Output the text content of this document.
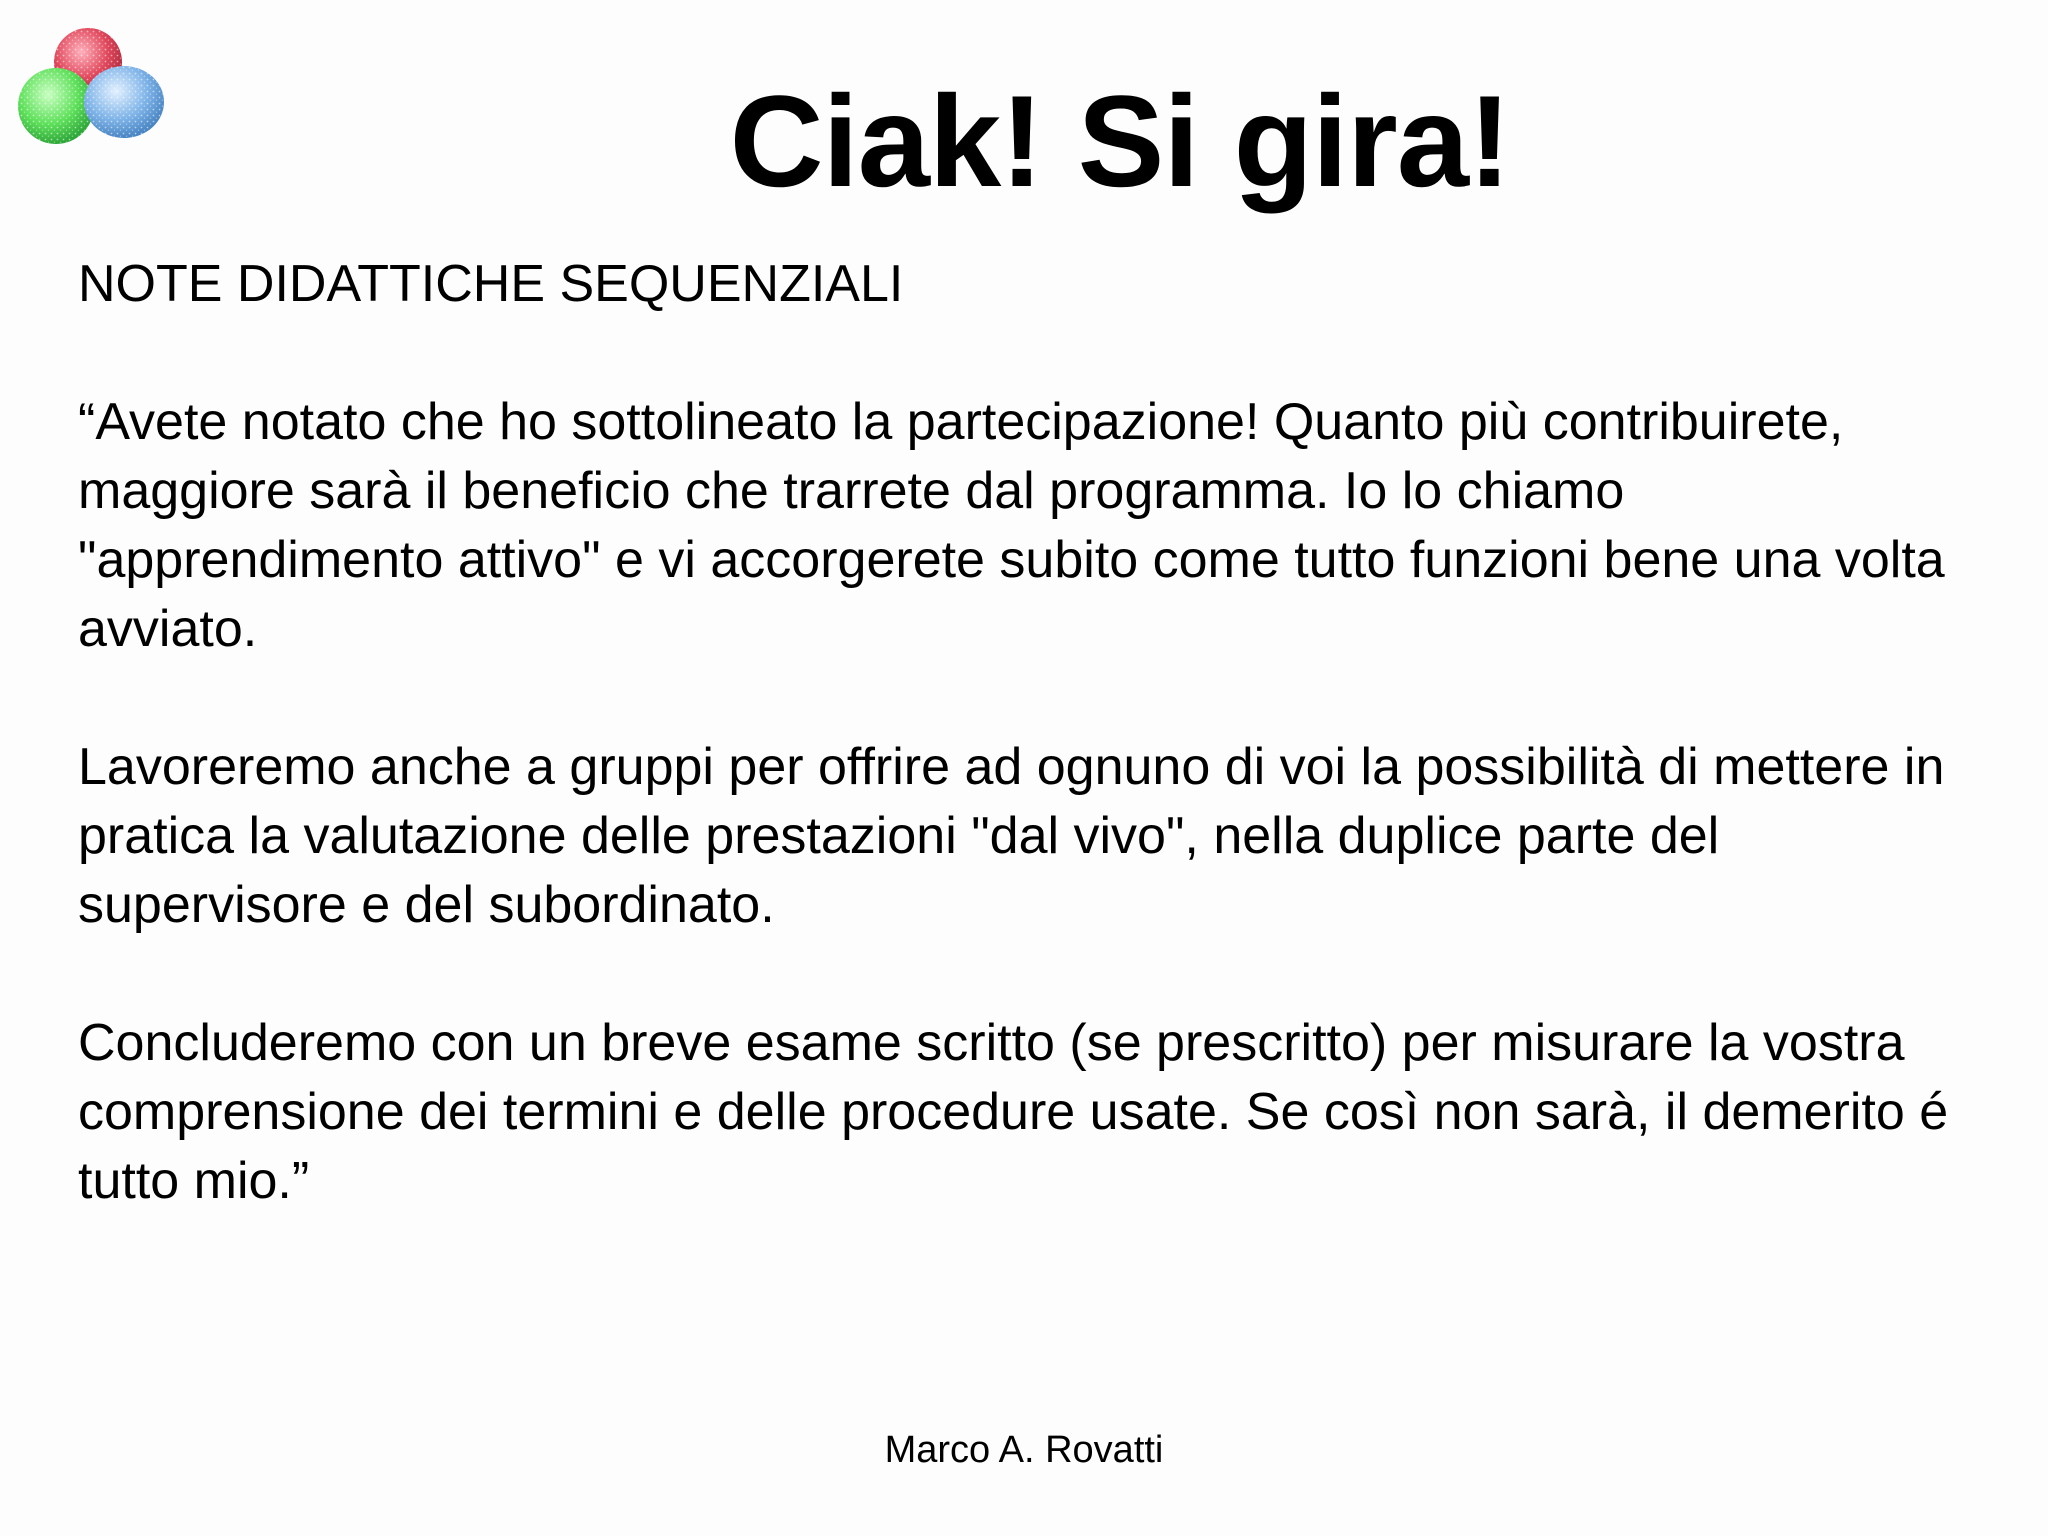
Ciak! Si gira!

NOTE DIDATTICHE SEQUENZIALI

“Avete notato che ho sottolineato la partecipazione! Quanto più contribuirete, maggiore sarà il beneficio che trarrete dal programma. Io lo chiamo "apprendimento attivo" e vi accorgerete subito come tutto funzioni bene una volta avviato.

Lavoreremo anche a gruppi per offrire ad ognuno di voi la possibilità di mettere in pratica la valutazione delle prestazioni "dal vivo", nella duplice parte del supervisore e del subordinato.

Concluderemo con un breve esame scritto (se prescritto) per misurare la vostra comprensione dei termini e delle procedure usate. Se così non sarà, il demerito é tutto mio.”

Marco A. Rovatti
